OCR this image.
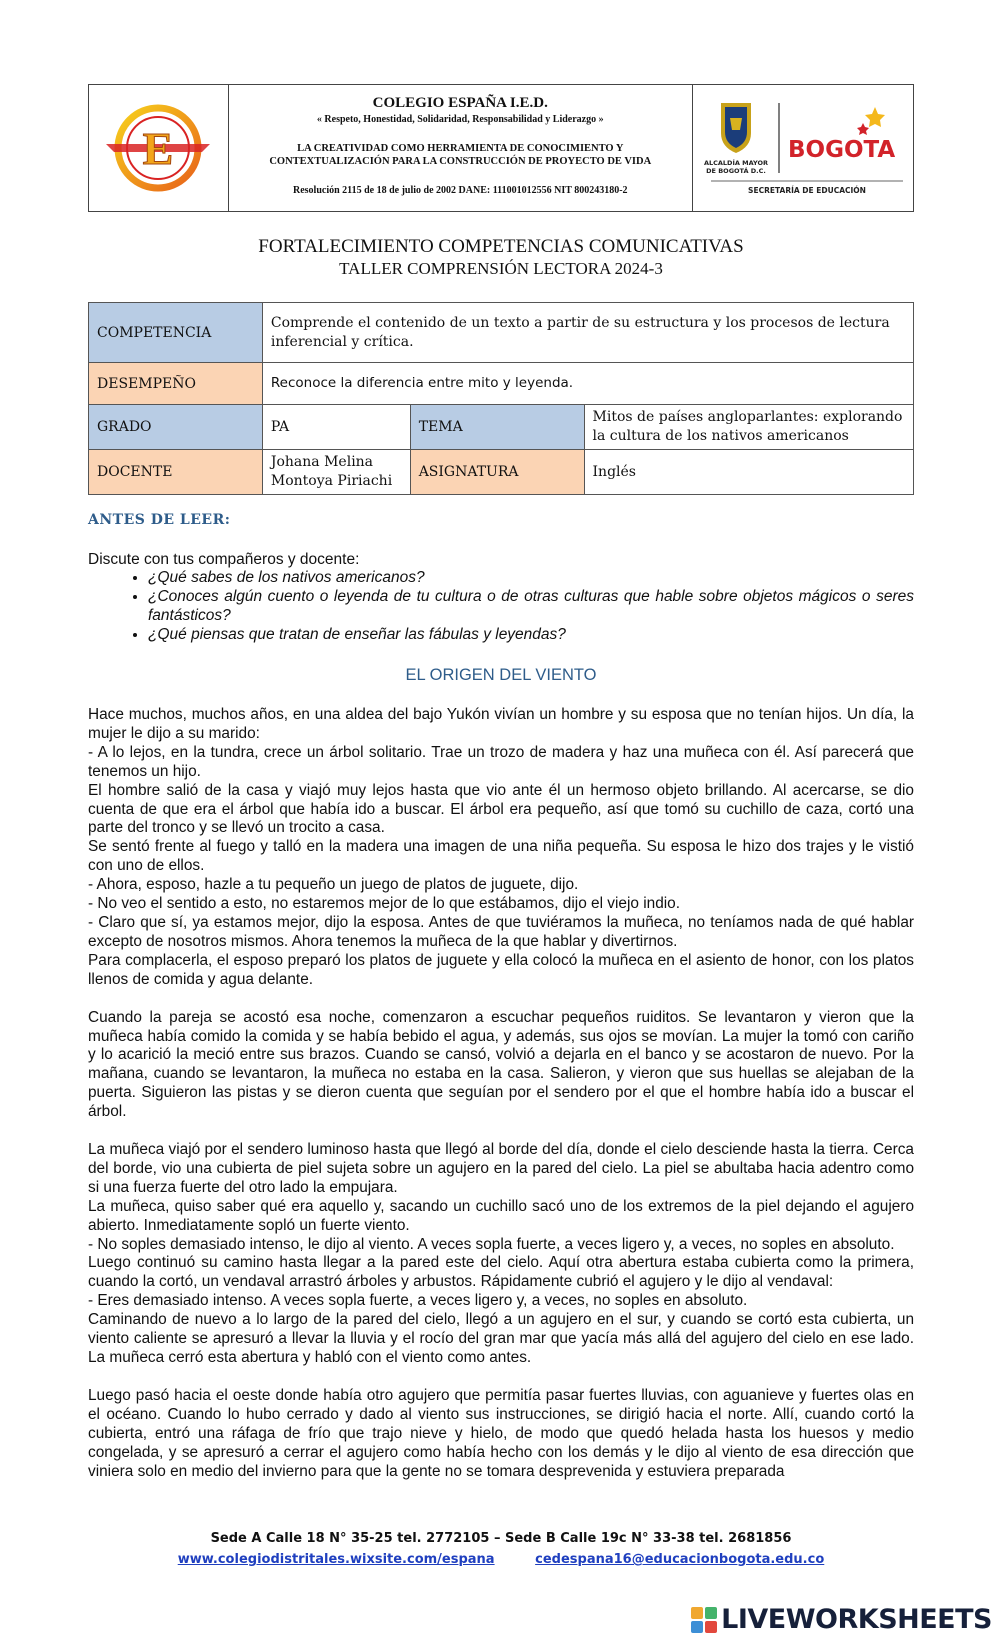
E
COLEGIO ESPAÑA I.E.D.
« Respeto, Honestidad, Solidaridad, Responsabilidad y Liderazgo »
LA CREATIVIDAD COMO HERRAMIENTA DE CONOCIMIENTO Y
CONTEXTUALIZACIÓN PARA LA CONSTRUCCIÓN DE PROYECTO DE VIDA
Resolución 2115 de 18 de julio de 2002 DANE: 111001012556 NIT 800243180-2
ALCALDÍA MAYOR
DE BOGOTÁ D.C.
BOGOTA
SECRETARÍA DE EDUCACIÓN
FORTALECIMIENTO COMPETENCIAS COMUNICATIVAS
TALLER COMPRENSIÓN LECTORA 2024-3
COMPETENCIA	Comprende el contenido de un texto a partir de su estructura y los procesos de lectura inferencial y crítica.		
DESEMPEÑO	Reconoce la diferencia entre mito y leyenda.		
GRADO	PA	TEMA	Mitos de países angloparlantes: explorando la cultura de los nativos americanos
DOCENTE	Johana Melina Montoya Piriachi	ASIGNATURA	Inglés
ANTES DE LEER:
Discute con tus compañeros y docente:
• ¿Qué sabes de los nativos americanos?
• ¿Conoces algún cuento o leyenda de tu cultura o de otras culturas que hable sobre objetos mágicos o seres fantásticos?
• ¿Qué piensas que tratan de enseñar las fábulas y leyendas?
EL ORIGEN DEL VIENTO

Hace muchos, muchos años, en una aldea del bajo Yukón vivían un hombre y su esposa que no tenían hijos. Un día, la mujer le dijo a su marido:

- A lo lejos, en la tundra, crece un árbol solitario. Trae un trozo de madera y haz una muñeca con él. Así parecerá que tenemos un hijo.

El hombre salió de la casa y viajó muy lejos hasta que vio ante él un hermoso objeto brillando. Al acercarse, se dio cuenta de que era el árbol que había ido a buscar. El árbol era pequeño, así que tomó su cuchillo de caza, cortó una parte del tronco y se llevó un trocito a casa.

Se sentó frente al fuego y talló en la madera una imagen de una niña pequeña. Su esposa le hizo dos trajes y le vistió con uno de ellos.

- Ahora, esposo, hazle a tu pequeño un juego de platos de juguete, dijo.

- No veo el sentido a esto, no estaremos mejor de lo que estábamos, dijo el viejo indio.

- Claro que sí, ya estamos mejor, dijo la esposa. Antes de que tuviéramos la muñeca, no teníamos nada de qué hablar excepto de nosotros mismos. Ahora tenemos la muñeca de la que hablar y divertirnos.

Para complacerla, el esposo preparó los platos de juguete y ella colocó la muñeca en el asiento de honor, con los platos llenos de comida y agua delante.

Cuando la pareja se acostó esa noche, comenzaron a escuchar pequeños ruiditos. Se levantaron y vieron que la muñeca había comido la comida y se había bebido el agua, y además, sus ojos se movían. La mujer la tomó con cariño y lo acarició la meció entre sus brazos. Cuando se cansó, volvió a dejarla en el banco y se acostaron de nuevo. Por la mañana, cuando se levantaron, la muñeca no estaba en la casa. Salieron, y vieron que sus huellas se alejaban de la puerta. Siguieron las pistas y se dieron cuenta que seguían por el sendero por el que el hombre había ido a buscar el árbol.

La muñeca viajó por el sendero luminoso hasta que llegó al borde del día, donde el cielo desciende hasta la tierra. Cerca del borde, vio una cubierta de piel sujeta sobre un agujero en la pared del cielo. La piel se abultaba hacia adentro como si una fuerza fuerte del otro lado la empujara.

La muñeca, quiso saber qué era aquello y, sacando un cuchillo sacó uno de los extremos de la piel dejando el agujero abierto. Inmediatamente sopló un fuerte viento.

- No soples demasiado intenso, le dijo al viento. A veces sopla fuerte, a veces ligero y, a veces, no soples en absoluto.

Luego continuó su camino hasta llegar a la pared este del cielo. Aquí otra abertura estaba cubierta como la primera, cuando la cortó, un vendaval arrastró árboles y arbustos. Rápidamente cubrió el agujero y le dijo al vendaval:

- Eres demasiado intenso. A veces sopla fuerte, a veces ligero y, a veces, no soples en absoluto.

Caminando de nuevo a lo largo de la pared del cielo, llegó a un agujero en el sur, y cuando se cortó esta cubierta, un viento caliente se apresuró a llevar la lluvia y el rocío del gran mar que yacía más allá del agujero del cielo en ese lado. La muñeca cerró esta abertura y habló con el viento como antes.

Luego pasó hacia el oeste donde había otro agujero que permitía pasar fuertes lluvias, con aguanieve y fuertes olas en el océano. Cuando lo hubo cerrado y dado al viento sus instrucciones, se dirigió hacia el norte. Allí, cuando cortó la cubierta, entró una ráfaga de frío que trajo nieve y hielo, de modo que quedó helada hasta los huesos y medio congelada, y se apresuró a cerrar el agujero como había hecho con los demás y le dijo al viento de esa dirección que viniera solo en medio del invierno para que la gente no se tomara desprevenida y estuviera preparada

Sede A Calle 18 N° 35-25 tel. 2772105 – Sede B Calle 19c N° 33-38 tel. 2681856
www.colegiodistritales.wixsite.com/espana	cedespana16@educacionbogota.edu.co
LIVEWORKSHEETS
